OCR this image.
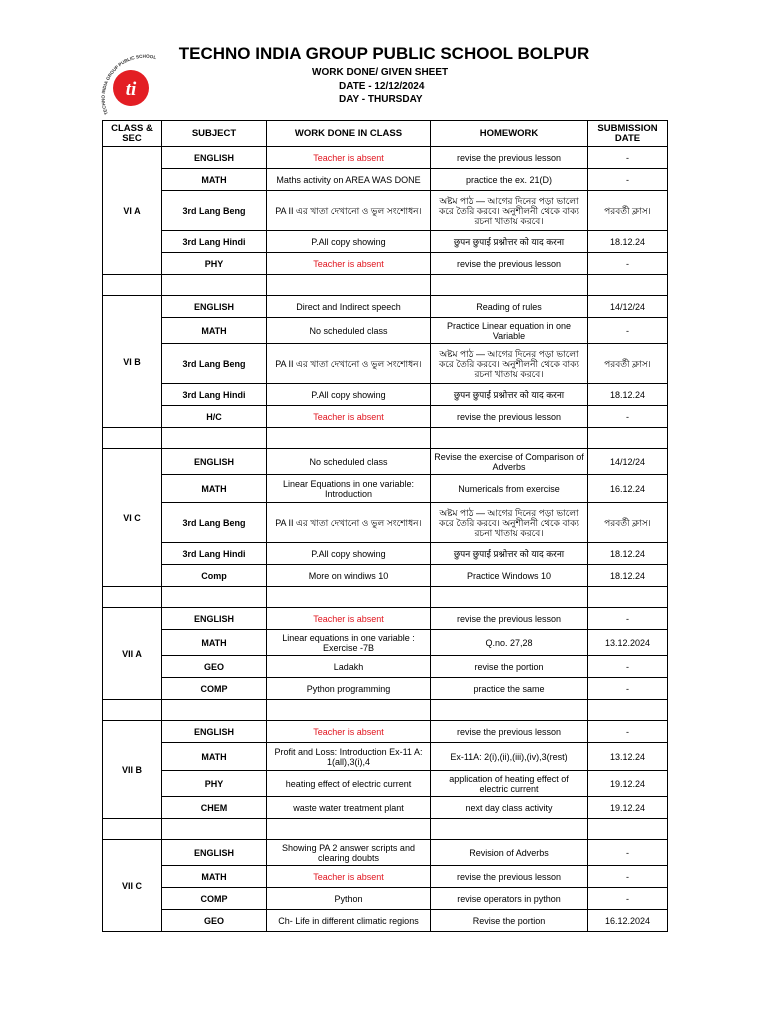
TECHNO INDIA GROUP PUBLIC SCHOOL BOLPUR
WORK DONE/ GIVEN SHEET
DATE - 12/12/2024
DAY - THURSDAY
TECHNO INDIA GROUP PUBLIC SCHOOL
ti
CLASS & SEC	SUBJECT	WORK DONE IN CLASS	HOMEWORK	SUBMISSION DATE
VI A	ENGLISH	Teacher is absent	revise the previous lesson	-
	MATH	Maths activity on AREA WAS DONE	practice the ex. 21(D)	-
	3rd Lang Beng	PA II এর খাতা দেখানো ও ভুল সংশোধন।	অষ্টম পাঠ — আগের দিনের পড়া ভালো করে তৈরি করবে। অনুশীলনী থেকে বাক্য রচনা খাতায় করবে।	পরবর্তী ক্লাস।
	3rd Lang Hindi	P.All copy showing	छुपन छुपाई प्रश्नोत्तर को याद करना	18.12.24
	PHY	Teacher is absent	revise the previous lesson	-

VI B	ENGLISH	Direct and Indirect speech	Reading of rules	14/12/24
	MATH	No scheduled class	Practice Linear equation in one Variable	-
	3rd Lang Beng	PA II এর খাতা দেখানো ও ভুল সংশোধন।	অষ্টম পাঠ — আগের দিনের পড়া ভালো করে তৈরি করবে। অনুশীলনী থেকে বাক্য রচনা খাতায় করবে।	পরবর্তী ক্লাস।
	3rd Lang Hindi	P.All copy showing	छुपन छुपाई प्रश्नोत्तर को याद करना	18.12.24
	H/C	Teacher is absent	revise the previous lesson	-

VI C	ENGLISH	No scheduled class	Revise the exercise of Comparison of Adverbs	14/12/24
	MATH	Linear Equations in one variable: Introduction	Numericals from exercise	16.12.24
	3rd Lang Beng	PA II এর খাতা দেখানো ও ভুল সংশোধন।	অষ্টম পাঠ — আগের দিনের পড়া ভালো করে তৈরি করবে। অনুশীলনী থেকে বাক্য রচনা খাতায় করবে।	পরবর্তী ক্লাস।
	3rd Lang Hindi	P.All copy showing	छुपन छुपाई प्रश्नोत्तर को याद करना	18.12.24
	Comp	More on windiws 10	Practice Windows 10	18.12.24

VII A	ENGLISH	Teacher is absent	revise the previous lesson	-
	MATH	Linear equations in one variable : Exercise -7B	Q.no. 27,28	13.12.2024
	GEO	Ladakh	revise the portion	-
	COMP	Python programming	practice the same	-

VII B	ENGLISH	Teacher is absent	revise the previous lesson	-
	MATH	Profit and Loss: Introduction Ex-11 A: 1(all),3(i),4	Ex-11A: 2(i),(ii),(iii),(iv),3(rest)	13.12.24
	PHY	heating effect of electric current	application of heating effect of electric current	19.12.24
	CHEM	waste water treatment plant	next day class activity	19.12.24

VII C	ENGLISH	Showing PA 2 answer scripts and clearing doubts	Revision of Adverbs	-
	MATH	Teacher is absent	revise the previous lesson	-
	COMP	Python	revise operators in python	-
	GEO	Ch- Life in different climatic regions	Revise the portion	16.12.2024
